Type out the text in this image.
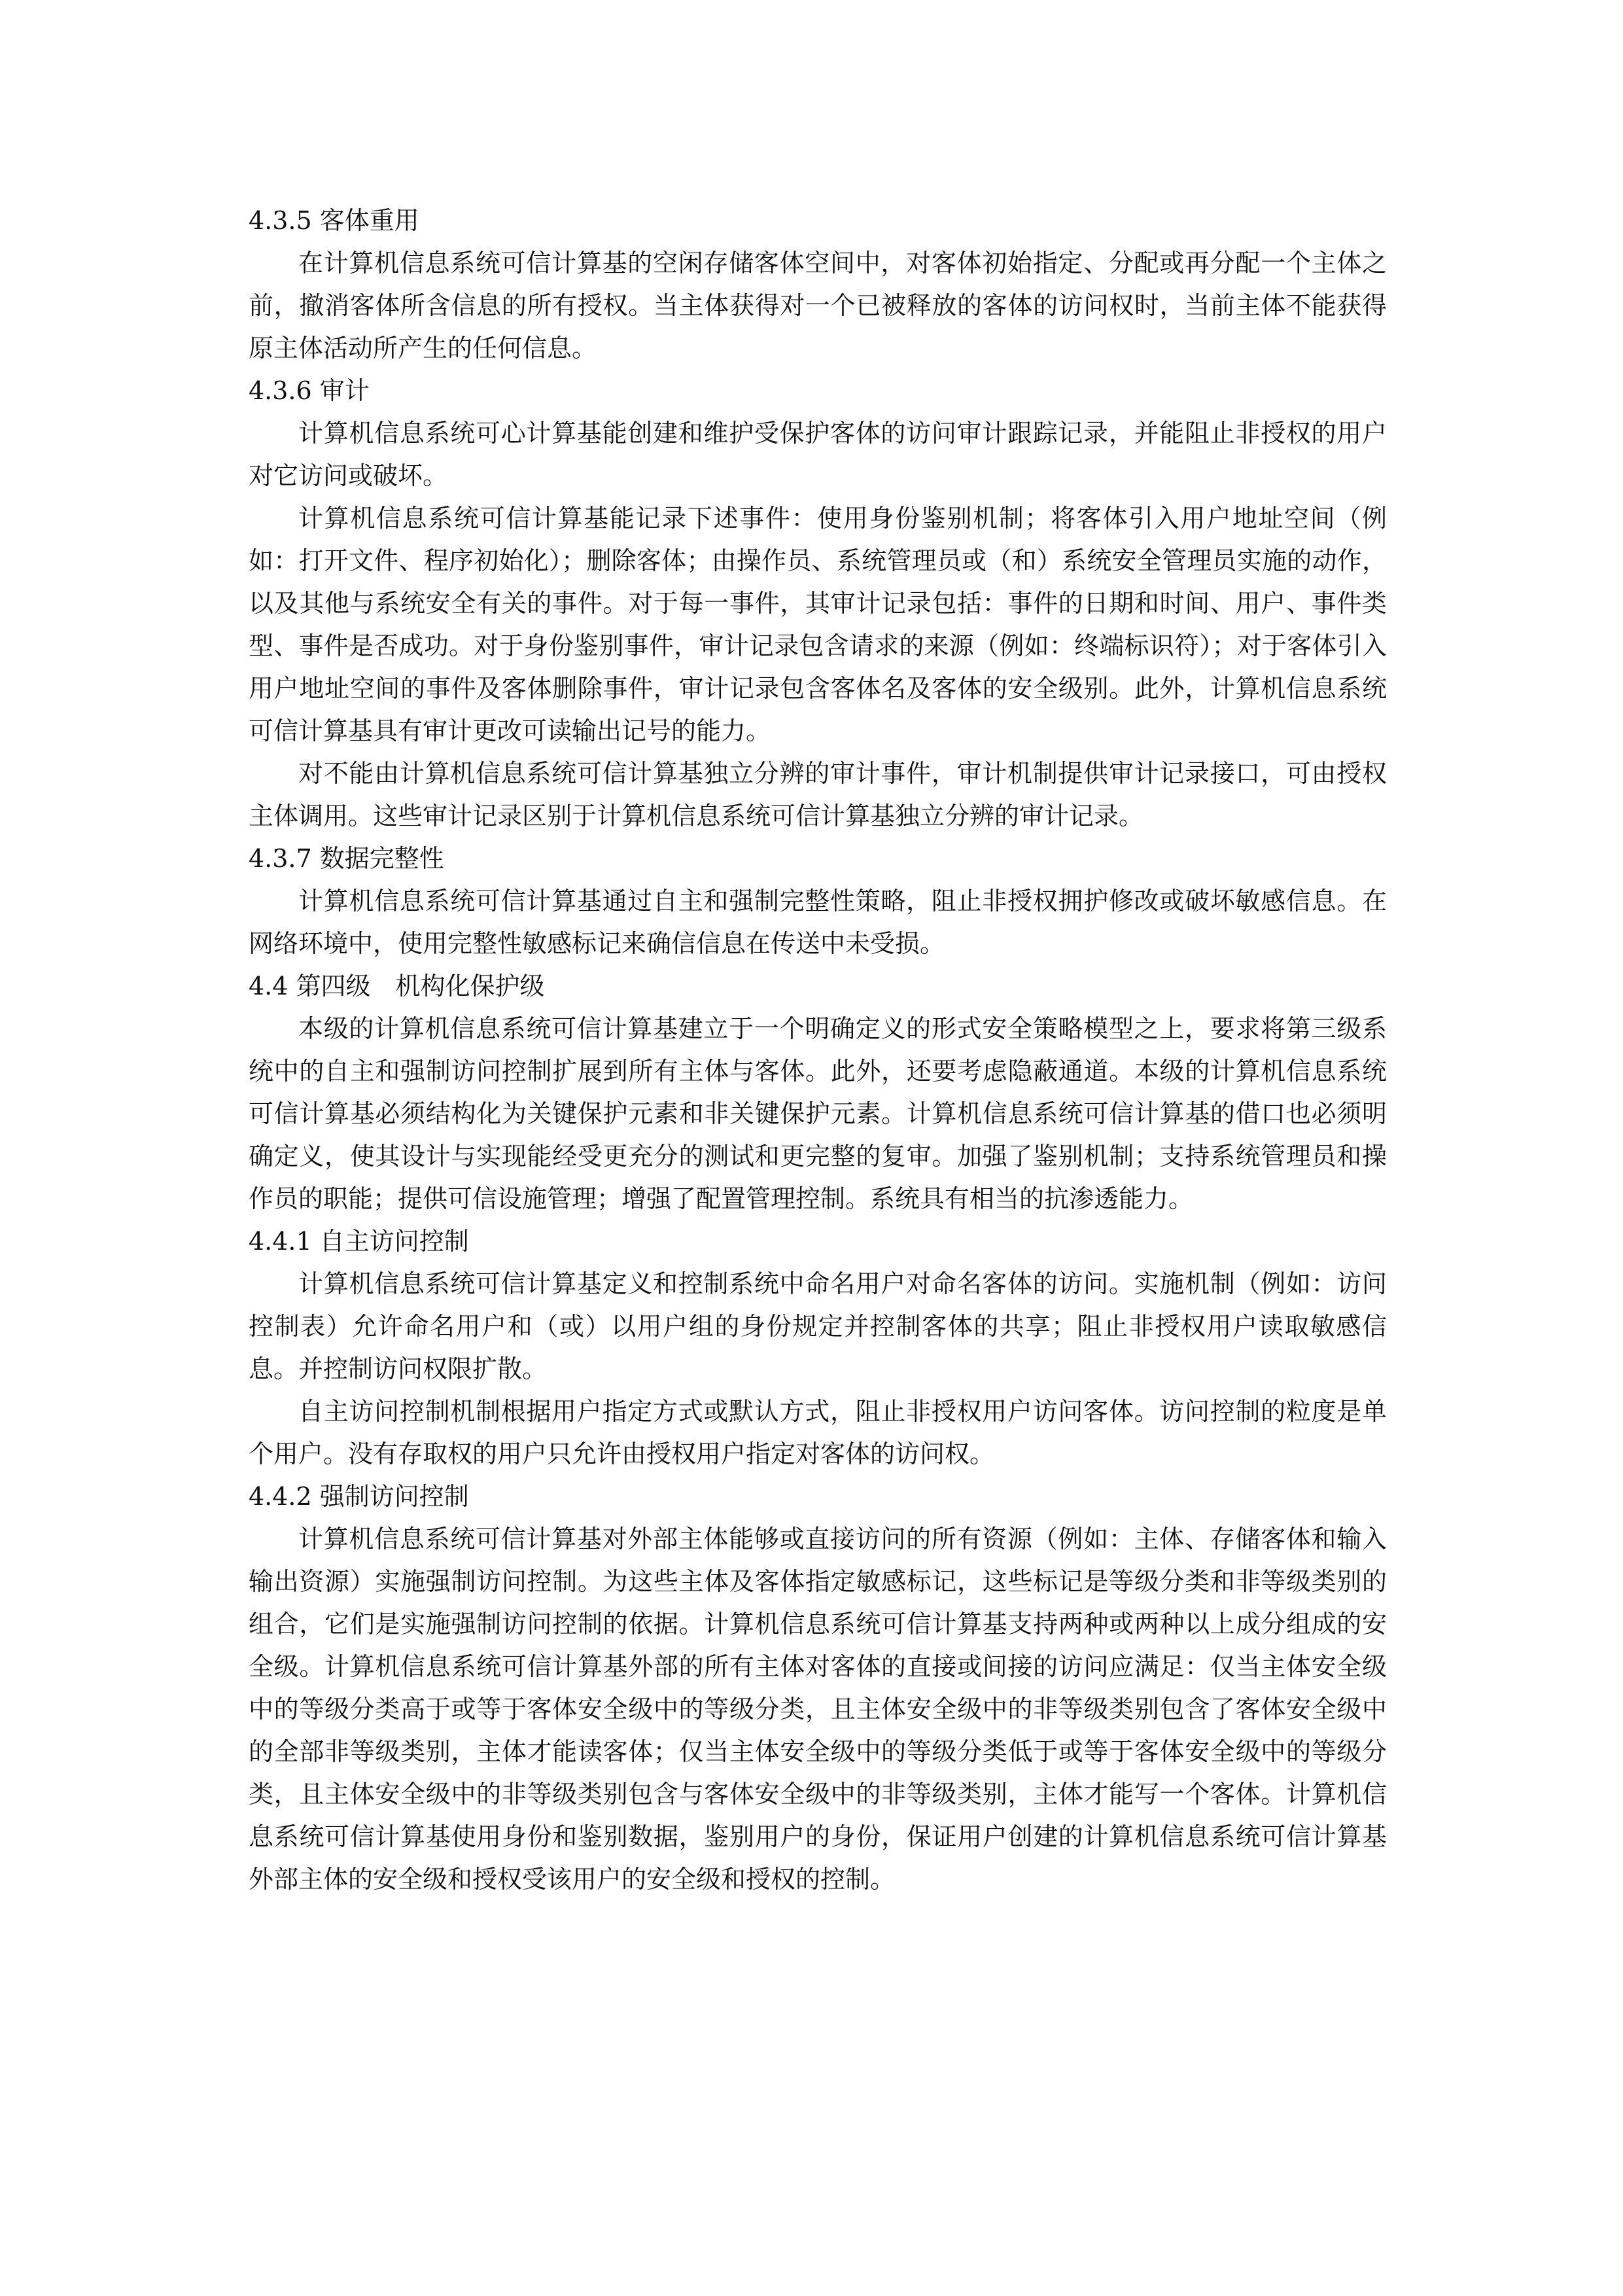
4.3.5 客体重用

在计算机信息系统可信计算基的空闲存储客体空间中，对客体初始指定、分配或再分配一个主体之前，撤消客体所含信息的所有授权。当主体获得对一个已被释放的客体的访问权时，当前主体不能获得原主体活动所产生的任何信息。

4.3.6 审计

计算机信息系统可心计算基能创建和维护受保护客体的访问审计跟踪记录，并能阻止非授权的用户对它访问或破坏。

计算机信息系统可信计算基能记录下述事件：使用身份鉴别机制；将客体引入用户地址空间（例如：打开文件、程序初始化）；删除客体；由操作员、系统管理员或（和）系统安全管理员实施的动作，以及其他与系统安全有关的事件。对于每一事件，其审计记录包括：事件的日期和时间、用户、事件类型、事件是否成功。对于身份鉴别事件，审计记录包含请求的来源（例如：终端标识符）；对于客体引入用户地址空间的事件及客体删除事件，审计记录包含客体名及客体的安全级别。此外，计算机信息系统可信计算基具有审计更改可读输出记号的能力。

对不能由计算机信息系统可信计算基独立分辨的审计事件，审计机制提供审计记录接口，可由授权主体调用。这些审计记录区别于计算机信息系统可信计算基独立分辨的审计记录。

4.3.7 数据完整性

计算机信息系统可信计算基通过自主和强制完整性策略，阻止非授权拥护修改或破坏敏感信息。在网络环境中，使用完整性敏感标记来确信信息在传送中未受损。

4.4 第四级　机构化保护级

本级的计算机信息系统可信计算基建立于一个明确定义的形式安全策略模型之上，要求将第三级系统中的自主和强制访问控制扩展到所有主体与客体。此外，还要考虑隐蔽通道。本级的计算机信息系统可信计算基必须结构化为关键保护元素和非关键保护元素。计算机信息系统可信计算基的借口也必须明确定义，使其设计与实现能经受更充分的测试和更完整的复审。加强了鉴别机制；支持系统管理员和操作员的职能；提供可信设施管理；增强了配置管理控制。系统具有相当的抗渗透能力。

4.4.1 自主访问控制

计算机信息系统可信计算基定义和控制系统中命名用户对命名客体的访问。实施机制（例如：访问控制表）允许命名用户和（或）以用户组的身份规定并控制客体的共享；阻止非授权用户读取敏感信息。并控制访问权限扩散。

自主访问控制机制根据用户指定方式或默认方式，阻止非授权用户访问客体。访问控制的粒度是单个用户。没有存取权的用户只允许由授权用户指定对客体的访问权。

4.4.2 强制访问控制

计算机信息系统可信计算基对外部主体能够或直接访问的所有资源（例如：主体、存储客体和输入输出资源）实施强制访问控制。为这些主体及客体指定敏感标记，这些标记是等级分类和非等级类别的组合，它们是实施强制访问控制的依据。计算机信息系统可信计算基支持两种或两种以上成分组成的安全级。计算机信息系统可信计算基外部的所有主体对客体的直接或间接的访问应满足：仅当主体安全级中的等级分类高于或等于客体安全级中的等级分类，且主体安全级中的非等级类别包含了客体安全级中的全部非等级类别，主体才能读客体；仅当主体安全级中的等级分类低于或等于客体安全级中的等级分类，且主体安全级中的非等级类别包含与客体安全级中的非等级类别，主体才能写一个客体。计算机信息系统可信计算基使用身份和鉴别数据，鉴别用户的身份，保证用户创建的计算机信息系统可信计算基外部主体的安全级和授权受该用户的安全级和授权的控制。
